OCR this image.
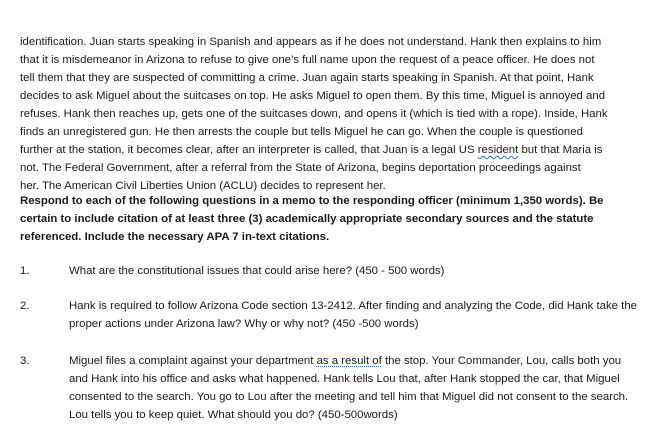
identification. Juan starts speaking in Spanish and appears as if he does not understand. Hank then explains to him
that it is misdemeanor in Arizona to refuse to give one’s full name upon the request of a peace officer. He does not
tell them that they are suspected of committing a crime. Juan again starts speaking in Spanish. At that point, Hank
decides to ask Miguel about the suitcases on top. He asks Miguel to open them. By this time, Miguel is annoyed and
refuses. Hank then reaches up, gets one of the suitcases down, and opens it (which is tied with a rope). Inside, Hank
finds an unregistered gun. He then arrests the couple but tells Miguel he can go. When the couple is questioned
further at the station, it becomes clear, after an interpreter is called, that Juan is a legal US resident but that Maria is
not. The Federal Government, after a referral from the State of Arizona, begins deportation proceedings against
her. The American Civil Liberties Union (ACLU) decides to represent her.
Respond to each of the following questions in a memo to the responding officer (minimum 1,350 words). Be
certain to include citation of at least three (3) academically appropriate secondary sources and the statute
referenced. Include the necessary APA 7 in-text citations.
1.	What are the constitutional issues that could arise here? (450 - 500 words)
2.	Hank is required to follow Arizona Code section 13-2412. After finding and analyzing the Code, did Hank take the
proper actions under Arizona law? Why or why not? (450 -500 words)
3.	Miguel files a complaint against your department as a result of the stop. Your Commander, Lou, calls both you
and Hank into his office and asks what happened. Hank tells Lou that, after Hank stopped the car, that Miguel
consented to the search. You go to Lou after the meeting and tell him that Miguel did not consent to the search.
Lou tells you to keep quiet. What should you do? (450-500words)
